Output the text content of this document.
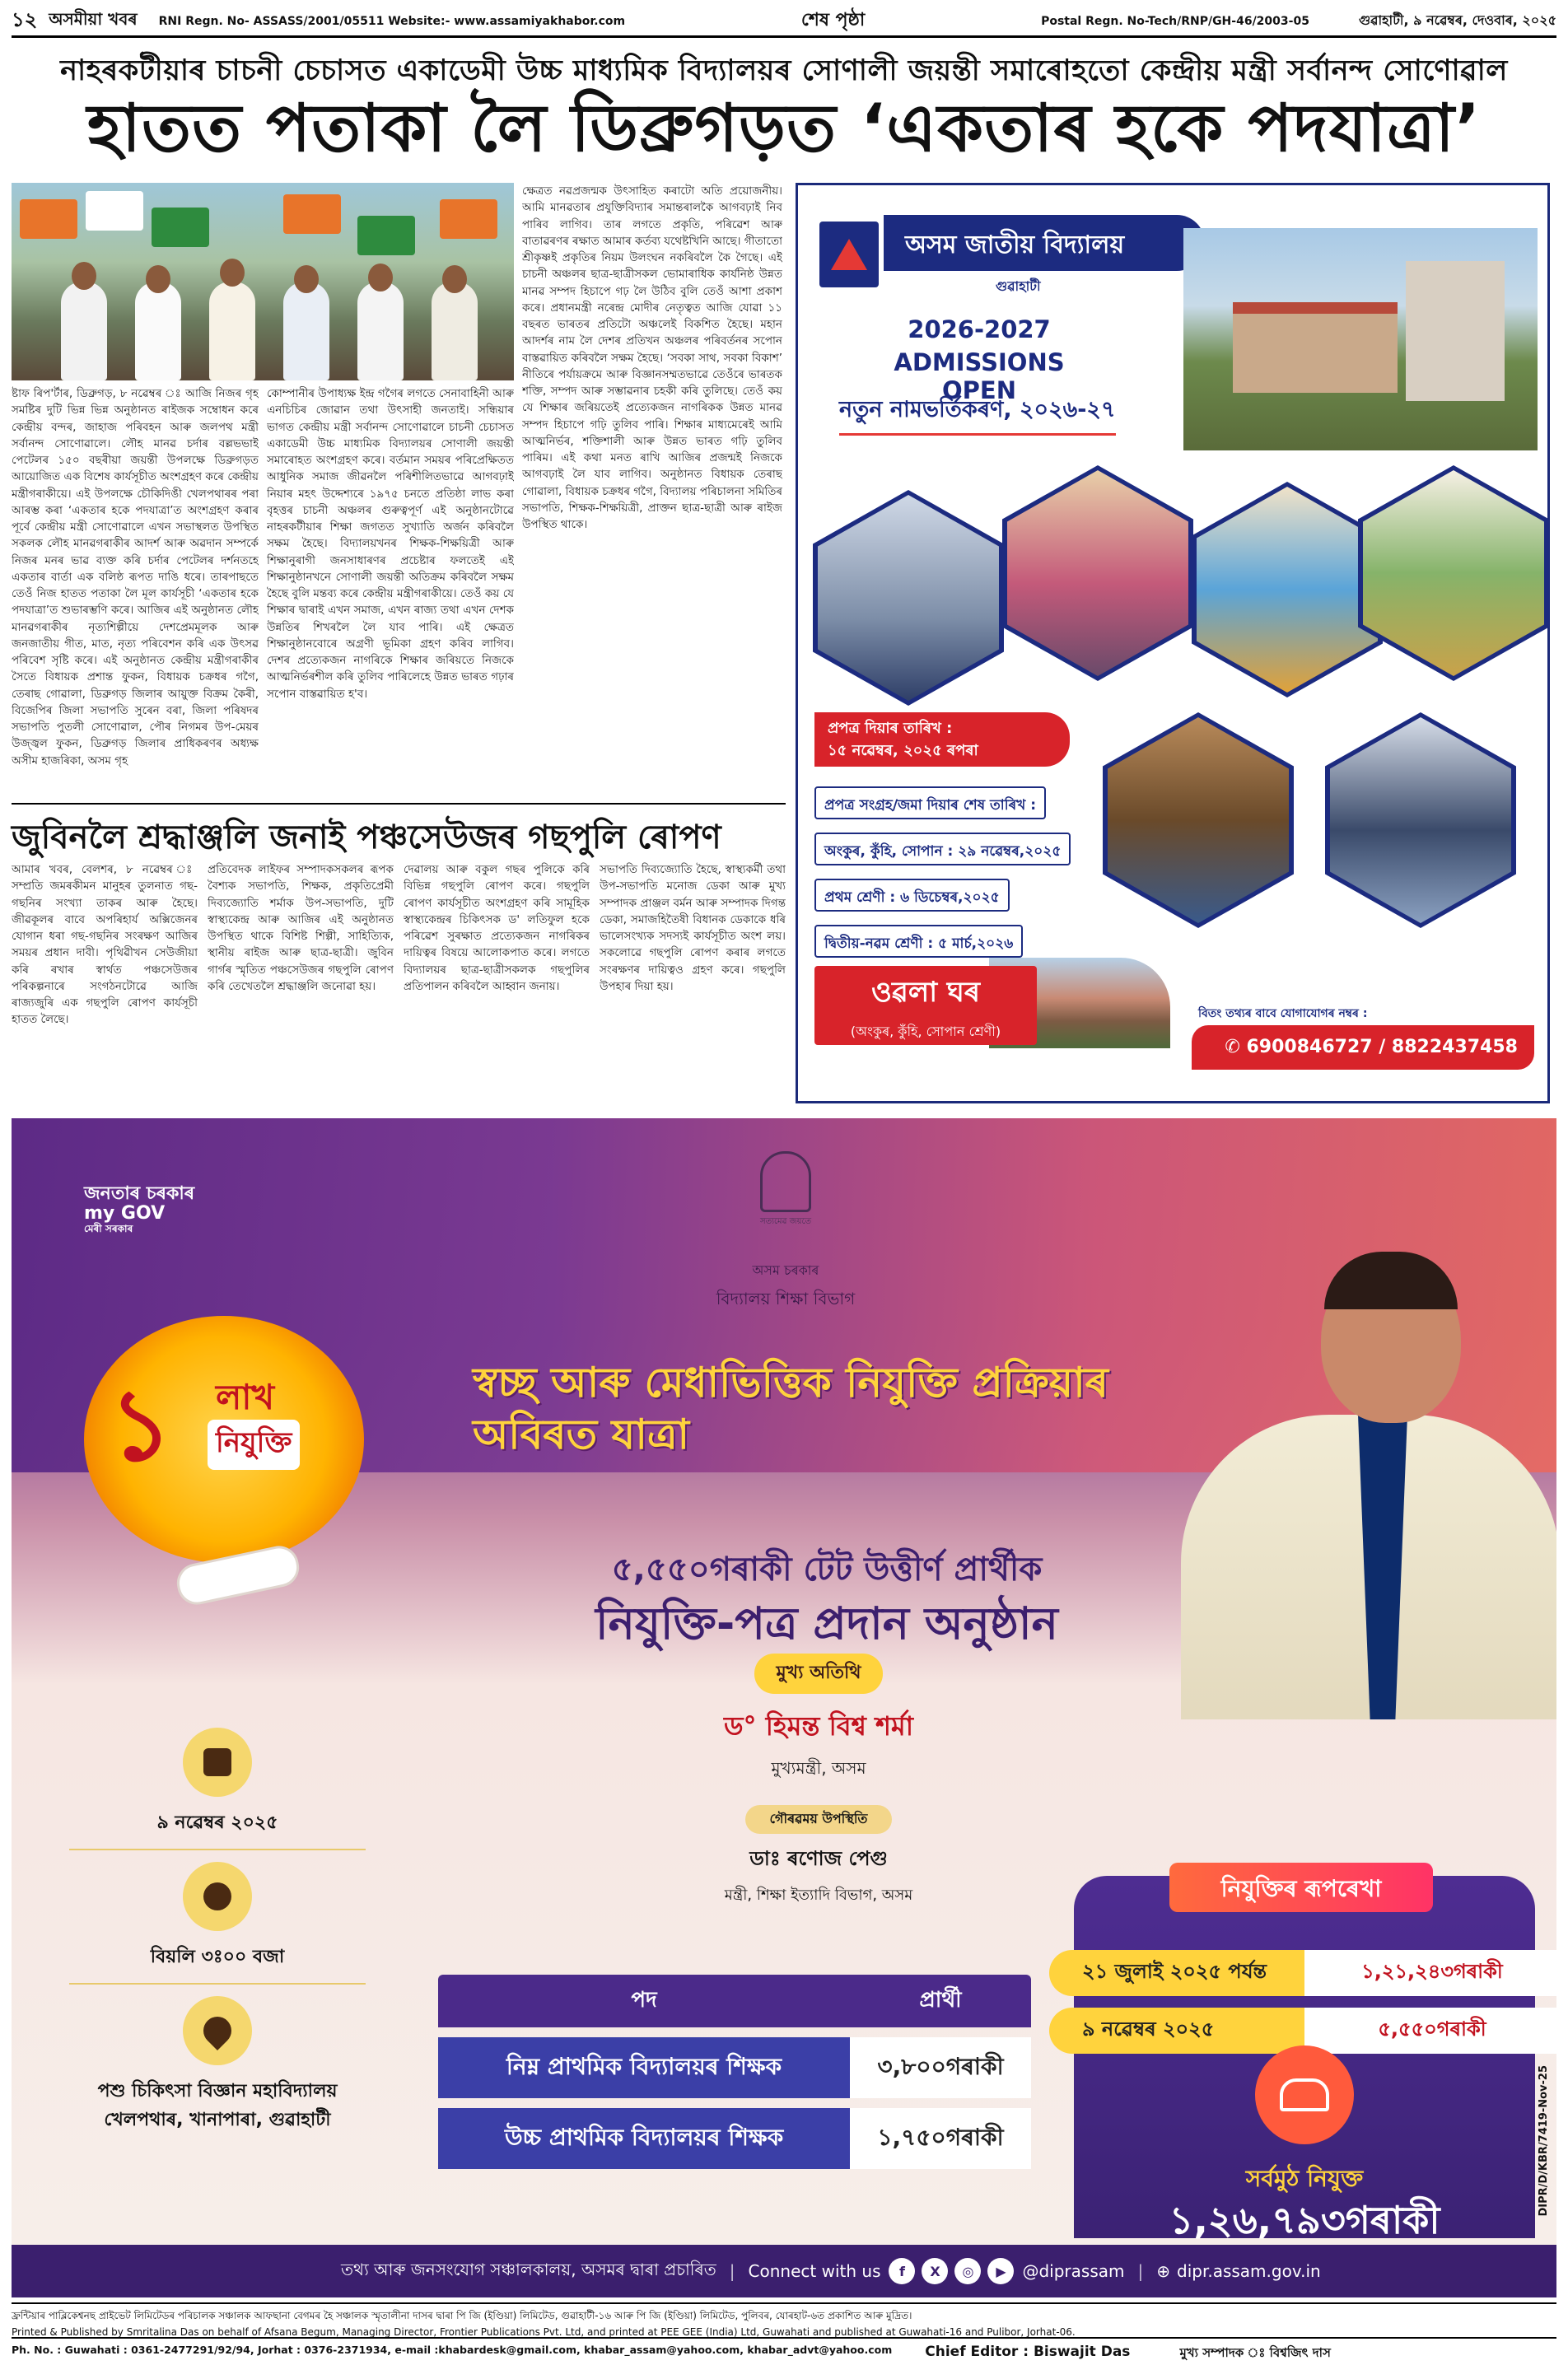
১২ অসমীয়া খবৰ RNI Regn. No- ASSASS/2001/05511 Website:- www.assamiyakhabor.com	শেষ পৃষ্ঠা	Postal Regn. No-Tech/RNP/GH-46/2003-05	গুৱাহাটী, ৯ নৱেম্বৰ, দেওবাৰ, ২০২৫
নাহৰকটীয়াৰ চাচনী চেচাসত একাডেমী উচ্চ মাধ্যমিক বিদ্যালয়ৰ সোণালী জয়ন্তী সমাৰোহতো কেন্দ্ৰীয় মন্ত্ৰী সৰ্বানন্দ সোণোৱাল
হাতত পতাকা লৈ ডিব্ৰুগড়ত ‘একতাৰ হকে পদযাত্ৰা’
ষ্টাফ ৰিপ'ৰ্টাৰ, ডিব্ৰুগড়, ৮ নৱেম্বৰ ঃ আজি নিজৰ গৃহ সমষ্টিৰ দুটি ভিন্ন ভিন্ন অনুষ্ঠানত ৰাইজক সম্বোধন কৰে কেন্দ্ৰীয় বন্দৰ, জাহাজ পৰিবহন আৰু জলপথ মন্ত্ৰী সৰ্বানন্দ সোণোৱালে। লৌহ মানৱ চৰ্দাৰ বল্লভভাই পেটেলৰ ১৫০ বছৰীয়া জয়ন্তী উপলক্ষে ডিব্ৰুগড়ত আয়োজিত এক বিশেষ কাৰ্যসূচীত অংশগ্ৰহণ কৰে কেন্দ্ৰীয় মন্ত্ৰীগৰাকীয়ে। এই উপলক্ষে চৌকিদিঙী খেলপথাৰৰ পৰা আৰম্ভ কৰা ‘একতাৰ হকে পদযাত্ৰা’ত অংশগ্ৰহণ কৰাৰ পূৰ্বে কেন্দ্ৰীয় মন্ত্ৰী সোণোৱালে এখন সভাস্থলত উপস্থিত সকলক লৌহ মানৱগৰাকীৰ আদৰ্শ আৰু অৱদান সম্পৰ্কে নিজৰ মনৰ ভাৱ ব্যক্ত কৰি চৰ্দাৰ পেটেলৰ দৰ্শনতহে একতাৰ বাৰ্তা এক বলিষ্ঠ ৰূপত দাঙি ধৰে। তাৰপাছতে তেওঁ নিজ হাতত পতাকা লৈ মূল কাৰ্যসূচী ‘একতাৰ হকে পদযাত্ৰা’ত শুভাৰম্ভণি কৰে। আজিৰ এই অনুষ্ঠানত লৌহ মানৱগৰাকীৰ নৃত্যশিল্পীয়ে দেশপ্ৰেমমূলক আৰু জনজাতীয় গীত, মাত, নৃত্য পৰিবেশন কৰি এক উৎসৱ পৰিবেশ সৃষ্টি কৰে। এই অনুষ্ঠানত কেন্দ্ৰীয় মন্ত্ৰীগৰাকীৰ সৈতে বিধায়ক প্ৰশান্ত ফুকন, বিধায়ক চক্ৰধৰ গগৈ, তেৰাছ গোৱালা, ডিব্ৰুগড় জিলাৰ আয়ুক্ত বিক্ৰম কৈৰী, বিজেপিৰ জিলা সভাপতি সুৰেন বৰা, জিলা পৰিষদৰ সভাপতি পুতলী সোণোৱাল, পৌৰ নিগমৰ উপ-মেয়ৰ উজ্জ্বল ফুকন, ডিব্ৰুগড় জিলাৰ প্ৰাধিকৰণৰ অধ্যক্ষ অসীম হাজৰিকা, অসম গৃহ
কোম্পানীৰ উপাধ্যক্ষ ইন্দ্ৰ গগৈৰ লগতে সেনাবাহিনী আৰু এনচিচিৰ জোৱান তথা উৎসাহী জনতাই। সন্ধিয়াৰ ভাগত কেন্দ্ৰীয় মন্ত্ৰী সৰ্বানন্দ সোণোৱালে চাচনী চেচাসত একাডেমী উচ্চ মাধ্যমিক বিদ্যালয়ৰ সোণালী জয়ন্তী সমাৰোহত অংশগ্ৰহণ কৰে। বৰ্তমান সময়ৰ পৰিপ্ৰেক্ষিতত আধুনিক সমাজ জীৱনলৈ পৰিশীলিতভাৱে আগবঢ়াই নিয়াৰ মহৎ উদ্দেশ্যৰে ১৯৭৫ চনতে প্ৰতিষ্ঠা লাভ কৰা বৃহত্তৰ চাচনী অঞ্চলৰ গুৰুত্বপূৰ্ণ এই অনুষ্ঠানটোৱে নাহৰকটীয়াৰ শিক্ষা জগতত সুখ্যাতি অৰ্জন কৰিবলৈ সক্ষম হৈছে। বিদ্যালয়খনৰ শিক্ষক-শিক্ষয়িত্ৰী আৰু শিক্ষানুৰাগী জনসাধাৰণৰ প্ৰচেষ্টাৰ ফলতেই এই শিক্ষানুষ্ঠানখনে সোণালী জয়ন্তী অতিক্ৰম কৰিবলৈ সক্ষম হৈছে বুলি মন্তব্য কৰে কেন্দ্ৰীয় মন্ত্ৰীগৰাকীয়ে। তেওঁ কয় যে শিক্ষাৰ দ্বাৰাই এখন সমাজ, এখন ৰাজ্য তথা এখন দেশক উন্নতিৰ শিখৰলৈ লৈ যাব পাৰি। এই ক্ষেত্ৰত শিক্ষানুষ্ঠানবোৰে অগ্ৰণী ভূমিকা গ্ৰহণ কৰিব লাগিব। দেশৰ প্ৰত্যেকজন নাগৰিকে শিক্ষাৰ জৰিয়তে নিজকে আত্মনিৰ্ভৰশীল কৰি তুলিব পাৰিলেহে উন্নত ভাৰত গঢ়াৰ সপোন বাস্তৱায়িত হ'ব।
ক্ষেত্ৰত নৱপ্ৰজন্মক উৎসাহিত কৰাটো অতি প্ৰয়োজনীয়। আমি মানৱতাৰ প্ৰযুক্তিবিদ্যাৰ সমান্তৰালকৈ আগবঢ়াই নিব পাৰিব লাগিব। তাৰ লগতে প্ৰকৃতি, পৰিৱেশ আৰু বাতাৱৰণৰ ৰক্ষাত আমাৰ কৰ্তব্য যথেষ্টখিনি আছে। গীতাতো শ্ৰীকৃষ্ণই প্ৰকৃতিৰ নিয়ম উলংঘন নকৰিবলৈ কৈ গৈছে। এই চাচনী অঞ্চলৰ ছাত্ৰ-ছাত্ৰীসকল ভোমাৰাধিক কাৰ্যনিষ্ঠ উন্নত মানৱ সম্পদ হিচাপে গঢ় লৈ উঠিব বুলি তেওঁ আশা প্ৰকাশ কৰে। প্ৰধানমন্ত্ৰী নৰেন্দ্ৰ মোদীৰ নেতৃত্বত আজি যোৱা ১১ বছৰত ভাৰতৰ প্ৰতিটো অঞ্চলেই বিকশিত হৈছে। মহান আদৰ্শৰ নাম লৈ দেশৰ প্ৰতিখন অঞ্চলৰ পৰিবৰ্তনৰ সপোন বাস্তৱায়িত কৰিবলৈ সক্ষম হৈছে। ‘সবকা সাথ, সবকা বিকাশ’ নীতিৰে পৰ্যায়ক্ৰমে আৰু বিজ্ঞানসম্মতভাৱে তেওঁৰে ভাৰতক শক্তি, সম্পদ আৰু সম্ভাৱনাৰ চহকী কৰি তুলিছে। তেওঁ কয় যে শিক্ষাৰ জৰিয়তেই প্ৰত্যেকজন নাগৰিকক উন্নত মানৱ সম্পদ হিচাপে গঢ়ি তুলিব পাৰি। শিক্ষাৰ মাধ্যমেৰেই আমি আত্মনিৰ্ভৰ, শক্তিশালী আৰু উন্নত ভাৰত গঢ়ি তুলিব পাৰিম। এই কথা মনত ৰাখি আজিৰ প্ৰজন্মই নিজকে আগবঢ়াই লৈ যাব লাগিব। অনুষ্ঠানত বিধায়ক তেৰাছ গোৱালা, বিধায়ক চক্ৰধৰ গগৈ, বিদ্যালয় পৰিচালনা সমিতিৰ সভাপতি, শিক্ষক-শিক্ষয়িত্ৰী, প্ৰাক্তন ছাত্ৰ-ছাত্ৰী আৰু ৰাইজ উপস্থিত থাকে।
জুবিনলৈ শ্ৰদ্ধাঞ্জলি জনাই পঞ্চসেউজৰ গছপুলি ৰোপণ
আমাৰ খবৰ, বেলশৰ, ৮ নৱেম্বৰ ঃ সম্প্ৰতি জমৰকীমন মানুহৰ তুলনাত গছ-গছনিৰ সংখ্যা তাকৰ আৰু হৈছে। জীৱকূলৰ বাবে অপৰিহাৰ্য অক্সিজেনৰ যোগান ধৰা গছ-গছনিৰ সংৰক্ষণ আজিৰ সময়ৰ প্ৰধান দাবী। পৃথিৱীখন সেউজীয়া কৰি ৰখাৰ স্বাৰ্থত পঞ্চসেউজৰ পৰিকল্পনাৰে সংগঠনটোৱে আজি ৰাজ্যজুৰি এক গছপুলি ৰোপণ কাৰ্যসূচী হাতত লৈছে।
প্ৰতিবেদক লাইফৰ সম্পাদকসকলৰ ৰূপক বৈশ্যক সভাপতি, শিক্ষক, প্ৰকৃতিপ্ৰেমী দিব্যজ্যোতি শৰ্মাক উপ-সভাপতি, দুটি স্বাস্থ্যকেন্দ্ৰ আৰু আজিৰ এই অনুষ্ঠানত উপস্থিত থাকে বিশিষ্ট শিল্পী, সাহিত্যিক, স্থানীয় ৰাইজ আৰু ছাত্ৰ-ছাত্ৰী। জুবিন গাৰ্গৰ স্মৃতিত পঞ্চসেউজৰ গছপুলি ৰোপণ কৰি তেখেতলৈ শ্ৰদ্ধাঞ্জলি জনোৱা হয়।
দেৱালয় আৰু বকুল গছৰ পুলিকে কৰি বিভিন্ন গছপুলি ৰোপণ কৰে। গছপুলি ৰোপণ কাৰ্যসূচীত অংশগ্ৰহণ কৰি সামূহিক স্বাস্থ্যকেন্দ্ৰৰ চিকিৎসক ড' লতিফুল হকে পৰিৱেশ সুৰক্ষাত প্ৰত্যেকজন নাগৰিকৰ দায়িত্বৰ বিষয়ে আলোকপাত কৰে। লগতে বিদ্যালয়ৰ ছাত্ৰ-ছাত্ৰীসকলক গছপুলিৰ প্ৰতিপালন কৰিবলৈ আহ্বান জনায়।
সভাপতি দিব্যজ্যোতি হৈছে, স্বাস্থ্যকৰ্মী তথা উপ-সভাপতি মনোজ ডেকা আৰু মুখ্য সম্পাদক প্ৰাঞ্জল বৰ্মন আৰু সম্পাদক দিগন্ত ডেকা, সমাজহিতৈষী বিধানক ডেকাকে ধৰি ভালেসংখ্যক সদস্যই কাৰ্যসূচীত অংশ লয়। সকলোৱে গছপুলি ৰোপণ কৰাৰ লগতে সংৰক্ষণৰ দায়িত্বও গ্ৰহণ কৰে। গছপুলি উপহাৰ দিয়া হয়।
অসম জাতীয় বিদ্যালয়
গুৱাহাটী
2026-2027
ADMISSIONS OPEN
নতুন নামভৰ্তিকৰণ, ২০২৬-২৭
প্ৰপত্ৰ দিয়াৰ তাৰিখ :
১৫ নৱেম্বৰ, ২০২৫ ৰপৰা
প্ৰপত্ৰ সংগ্ৰহ/জমা দিয়াৰ শেষ তাৰিখ :
অংকুৰ, কুঁহি, সোপান : ২৯ নৱেম্বৰ,২০২৫
প্ৰথম শ্ৰেণী : ৬ ডিচেম্বৰ,২০২৫
দ্বিতীয়-নৱম শ্ৰেণী : ৫ মাৰ্চ,২০২৬
ওৱলা ঘৰ
(অংকুৰ, কুঁহি, সোপান শ্ৰেণী)
বিতং তথ্যৰ বাবে যোগাযোগৰ নম্বৰ :
✆ 6900846727 / 8822437458
জনতাৰ চৰকাৰ
my GOV
মেৰী সৰকাৰ
সত্যমেৱ জয়তে
অসম চৰকাৰ
বিদ্যালয় শিক্ষা বিভাগ
১ লাখ
নিযুক্তি
স্বচ্ছ আৰু মেধাভিত্তিক নিযুক্তি প্ৰক্ৰিয়াৰ অবিৰত যাত্ৰা
৫,৫৫০গৰাকী টেট উত্তীৰ্ণ প্ৰাৰ্থীক
নিযুক্তি-পত্ৰ প্ৰদান অনুষ্ঠান
মুখ্য অতিথি
ড° হিমন্ত বিশ্ব শৰ্মা
মুখ্যমন্ত্ৰী, অসম
গৌৰৱময় উপস্থিতি
ডাঃ ৰণোজ পেগু
মন্ত্ৰী, শিক্ষা ইত্যাদি বিভাগ, অসম
৯ নৱেম্বৰ ২০২৫
বিয়লি ৩ঃ০০ বজা
পশু চিকিৎসা বিজ্ঞান মহাবিদ্যালয় খেলপথাৰ, খানাপাৰা, গুৱাহাটী
পদ	প্ৰাৰ্থী
নিম্ন প্ৰাথমিক বিদ্যালয়ৰ শিক্ষক	৩,৮০০গৰাকী
উচ্চ প্ৰাথমিক বিদ্যালয়ৰ শিক্ষক	১,৭৫০গৰাকী
নিযুক্তিৰ ৰূপৰেখা
২১ জুলাই ২০২৫ পৰ্যন্ত	১,২১,২৪৩গৰাকী
৯ নৱেম্বৰ ২০২৫	৫,৫৫০গৰাকী
সৰ্বমুঠ নিযুক্ত
১,২৬,৭৯৩গৰাকী
DIPR/D/KBR/7419-Nov-25
তথ্য আৰু জনসংযোগ সঞ্চালকালয়, অসমৰ দ্বাৰা প্ৰচাৰিত | Connect with us	f	X	◎	▶ @diprassam | ⊕ dipr.assam.gov.in
ফ্ৰন্টিয়াৰ পাব্লিকেশ্বনছ প্ৰাইভেট লিমিটেডৰ পৰিচালক সঞ্চালক আফছানা বেগমৰ হৈ সঞ্চালক স্মৃতালীনা দাসৰ দ্বাৰা পি জি (ইণ্ডিয়া) লিমিটেড, গুৱাহাটী-১৬ আৰু পি জি (ইণ্ডিয়া) লিমিটেড, পুলিবৰ, যোৰহাট-৬ত প্ৰকাশিত আৰু মুদ্ৰিত।
Printed & Published by Smritalina Das on behalf of Afsana Begum, Managing Director, Frontier Publications Pvt. Ltd, and printed at PEE GEE (India) Ltd, Guwahati and published at Guwahati-16 and Pulibor, Jorhat-06.
Ph. No. : Guwahati : 0361-2477291/92/94, Jorhat : 0376-2371934, e-mail :khabardesk@gmail.com, khabar_assam@yahoo.com, khabar_advt@yahoo.com Chief Editor : Biswajit Das	মুখ্য সম্পাদক ঃ বিশ্বজিৎ দাস
